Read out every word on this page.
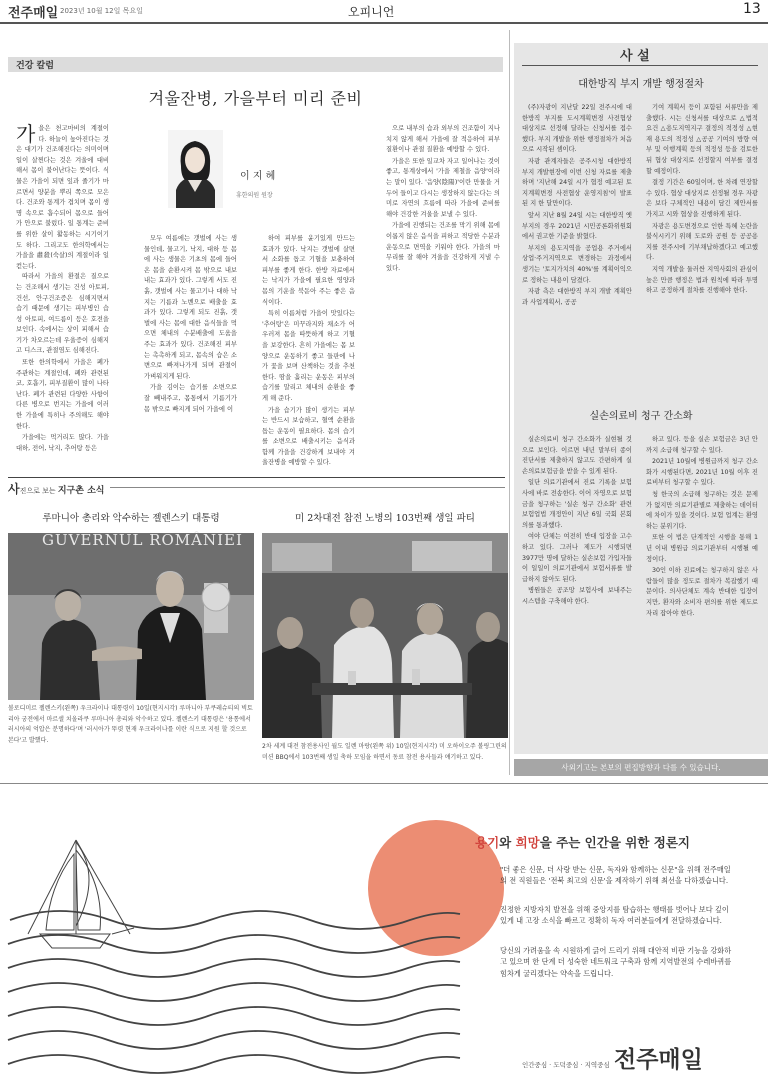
전주매일 2023년 10월 12일 목요일	오피니언	13
건강 칼럼
겨울잔병, 가을부터 미리 준비
가 을은 천고마비의 계절이다. 하늘이 높아진다는 것은 대기가 건조해진다는 의미이며 일이 살찐다는 것은 겨울에 대비해서 몸이 불어난다는 뜻이다. 식물은 가을이 되면 잎과 줄기가 마르면서 양분을 뿌리 쪽으로 모은다. 건조와 통계가 겹치며 몸이 생명 속으로 흡수되어 몸으로 들어가 안으로 불렀다. 일 통계는 준비를 위한 살이 활동하는 시기이기도 하다. 그리고도 한의학에서는 가을을 肅殺(숙살)의 계절이라 일컫는다.

따라서 가을의 환절은 질으로 는 건조해서 생기는 건성 아토피, 건선, 안구건조증은 심해지면서 습기 때문에 생기는 피부병인 습성 아토피, 여드름이 등은 호전을 보인다. 속에서는 상이 피해서 습기가 차오르는데 우울증이 심해지고 디스크, 관절염도 심해진다.

또한 한의학에서 가을은 폐가 주관하는 계절인데, 폐와 관련된 코, 호흡기, 피부질환이 많이 나타난다. 폐가 관련된 다양한 사항이 다른 병으로 번지는 가을에 이러한 가을에 특히나 주의해도 해야 한다.

가을에는 먹거리도 많다. 가을 대하, 전어, 낙지, 추어탕 등은

이 지 혜
휴한의원 원장

모두 여름에는 갯벌에 사는 생물인데, 물고기, 낙지, 대하 등 몸에 사는 생물은 기초의 몸에 들어온 몸을 순환시켜 몸 밖으로 내보내는 효과가 있다. 그렇게 서도 진흙, 갯벌에 사는 물고기나 대하 낙지는 기름과 노벤으로 배출을 효과가 있다. 그렇게 되도 진흙, 갯벌에 사는 몸에 대한 음식들을 먹으면 체내의 수분배출에 도움을 주는 효과가 있다. 건조해진 피부는 촉촉하게 되고, 몸속의 습은 소변으로 빠져나가게 되며 관절이 가벼워지게 된다.

가을 김이는 습기를 소변으로 잘 빼내주고, 몸통에서 기름기가 몸 밖으로 빠지게 되어 가을에 이

하여 피부를 윤기있게 만드는 효과가 있다. 낙지는 갯벌에 살면서 소화를 돕고 기혈을 보충하여 피부를 좋게 한다. 한방 자료에서는 낙지가 가을에 필요한 영양과 몸의 기운을 북돋아 주는 좋은 음식이다.

특히 이름처럼 가을이 맛있다는 '추어탕'은 미꾸라지와 채소가 어우러져 몸을 따뜻하게 하고 기혈을 보강한다. 흔히 가을에는 몸 보양으로 운동하기 좋고 들판에 나가 꽃을 보며 산책하는 것을 추천한다. 땀을 흘리는 운동은 피부의 습기를 말리고 체내의 순환을 좋게 해 준다.

가을 습기가 많이 생기는 피부는 반드시 보습하고, 혈액 순환을 돕는 운동이 필요하다. 몸의 습기를 소변으로 배출시키는 음식과 함께 가을을 건강하게 보내야 겨울잔병을 예방할 수 있다.

으로 내부의 습과 외부의 건조함이 지나치지 않게 해서 가을에 잘 적응하여 피부 질환이나 관절 질환을 예방할 수 있다.

가을은 또한 일교차 자고 일어나는 것이 좋고, 통계상에서 '가을 제철을 음양'이라는 말이 있다. '음양(陰陽)'이란 만물을 거두어 들이고 다시는 생장하지 않는다는 의미로 자연의 흐름에 따라 가을에 준비를 해야 건강한 겨울을 보낼 수 있다.

가을에 진행되는 건조를 막기 위해 몸에 이롭지 않은 음식을 피하고 적당한 수분과 운동으로 면역을 키워야 한다. 가을의 마무리를 잘 해야 겨울을 건강하게 지낼 수 있다.

사진으로 보는 지구촌 소식
루마니아 총리와 악수하는 젤렌스키 대통령
GUVERNUL ROMÂNIEI
볼로디미르 젤렌스키(왼쪽) 우크라이나 대통령이 10일(현지시각) 루마니아 부쿠레슈티의 빅토리아 궁전에서 마르셀 치올라쿠 루마니아 총리와 악수하고 있다. 젤렌스키 대통령은 '용통에서 러시아의 억압은 분명하다'며 '러시아가 뚜렷 현재 우크라이나를 이란 식으로 지원 할 것으로 본다'고 발했다.
미 2차대전 참전 노병의 103번째 생일 파티
2차 세계 대전 참전용사인 월도 일렌 마랑(왼쪽 위) 10일(현지시각) 미 오하이오주 볼링그린의 미션 BBQ에서 103번째 생일 축하 모임을 하면서 동료 참전 용사들과 얘기하고 있다.
사 설
대한방직 부지 개발 행정절차

(주)자광이 지난달 22일 전주시에 대한방직 부지를 도시계획변경 사전협상 대상지로 선정해 달라는 신청서를 접수했다. 부지 개발을 위한 행정절차가 처음으로 시작된 셈이다.

자광 관계자들은 공주시청 대한방직 부지 개발현장에 이번 신청 자료를 제출하며 '지난해 24일 시가 협정 예고된 토지계획변경 사전협상 운영지침'이 발표된 지 한 달만이다.

앞서 지난 8월 24일 시는 대한방직 옛 부지의 경우 2021년 시민공론화위원회에서 권고한 기준을 밝혔다.

부지의 용도지역을 공업용 주거에서 상업·주거지역으로 변경하는 과정에서 생기는 '토지가치의 40%'를 계획이익으로 정하는 내용이 담겼다.

자광 측은 대한방직 부지 개발 계획안과 사업계획서, 공공

기여 계획서 등이 포함된 서류만을 제출했다. 시는 신청서를 대상으로 △법적 요건 △용도지역지구 결정의 적정성 △현재 용도의 적정성 △공공 기여의 방향 여부 및 이행계획 등의 적정성 등을 검토한 뒤 협상 대상지로 선정할지 여부를 결정할 예정이다.

결정 기간은 60일이며, 한 차례 연장할 수 있다. 협상 대상지로 선정될 경우 자광은 보다 구체적인 내용이 담긴 제안서를 가지고 시와 협상을 진행하게 된다.

자광은 용도변경으로 인한 특혜 논란을 불식시키기 위해 도로와 공원 등 공공용지를 전주시에 기부채납하겠다고 예고했다.

지역 개발을 둘러싼 지역사회의 관심이 높은 만큼 행정은 법과 원칙에 따라 투명하고 공정하게 절차를 진행해야 한다.

실손의료비 청구 간소화

실손의료비 청구 간소화가 실현될 것으로 보인다. 이르면 내년 말부터 종이 진단서를 제출하지 않고도 간편하게 실손의료보험금을 받을 수 있게 된다.

일단 의료기관에서 진료 기록을 보험사에 바로 전송한다. 이어 자영으로 보험금을 청구하는 '실손 청구 간소화' 관련 보험업법 개정안이 지난 6일 국회 본회의를 통과했다.

여야 단체는 여전히 반대 입장을 고수하고 있다. 그러나 제도가 시행되면 3977만 명에 달하는 실손보험 가입자들이 일일이 의료기관에서 보험서류를 발급하지 않아도 된다.

병원들은 공조망 보험사에 보내주는 시스템을 구축해야 한다.

하고 있다. 등을 실손 보험금은 3년 안까지 소급해 청구할 수 있다.

2021년 10월에 병원급까지 청구 간소화가 시행된다면, 2021년 10월 이후 진료비부터 청구할 수 있다.

청 한국의 소급해 청구하는 것은 문제가 없지만 의료기관별로 제출하는 데이터에 차이가 있을 것이다. 보험 업계는 환영하는 분위기다.

또한 이 법은 단계적인 시행을 통해 1년 이내 병원급 의료기관부터 시행될 예정이다.

30인 이하 진료에는 청구하지 않은 사람들이 많을 정도로 절차가 복잡했기 때문이다. 의사단체도 계속 반대한 입장이지만, 환자와 소비자 편의를 위한 제도로 자리 잡아야 한다.

사외기고는 본보의 편집방향과 다를 수 있습니다.
용기와 희망을 주는 인간을 위한 정론지
"더 좋은 신문, 더 사랑 받는 신문, 독자와 함께하는 신문"을 위해 전주매일의 전 직원들은 '전북 최고의 신문'을 제작하기 위해 최선을 다하겠습니다.
진정한 지방자치 발전을 위해 중앙지를 탐습하는 행태를 벗어나 보다 깊이 있게 내 고장 소식을 빠르고 정확히 독자 여러분들에게 전달하겠습니다.
당신의 가려움을 속 시원하게 긁어 드리기 위해 대안적 비판 기능을 강화하고 있으며 한 단계 더 성숙한 네트워크 구축과 함께 지역발전의 수레바퀴를 힘차게 굴리겠다는 약속을 드립니다.
인간중심 · 도덕중심 · 지역중심 전주매일
